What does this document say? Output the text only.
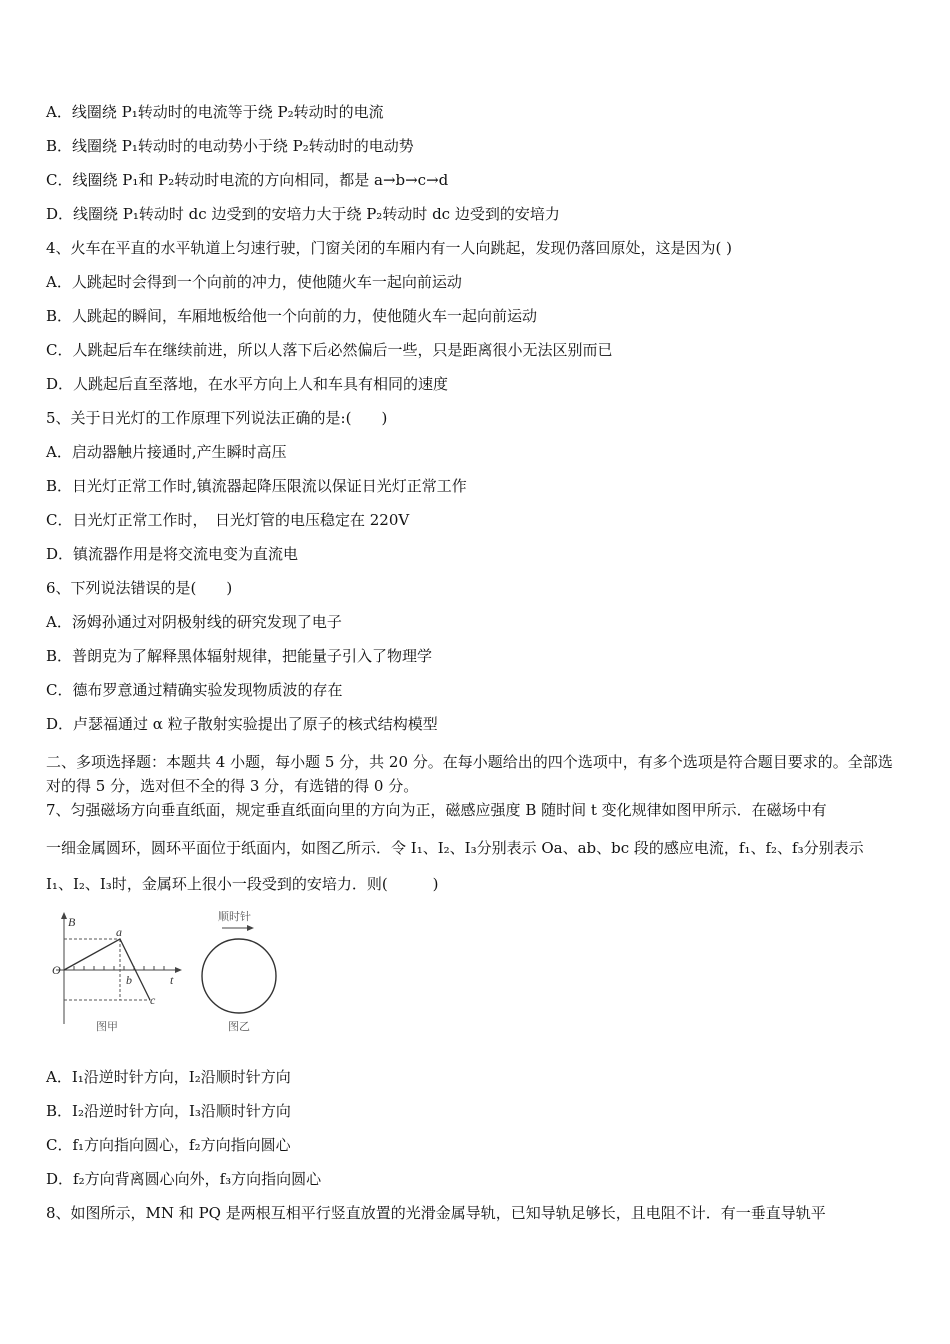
A．线圈绕 P₁转动时的电流等于绕 P₂转动时的电流
B．线圈绕 P₁转动时的电动势小于绕 P₂转动时的电动势
C．线圈绕 P₁和 P₂转动时电流的方向相同，都是 a→b→c→d
D．线圈绕 P₁转动时 dc 边受到的安培力大于绕 P₂转动时 dc 边受到的安培力
4、火车在平直的水平轨道上匀速行驶，门窗关闭的车厢内有一人向跳起，发现仍落回原处，这是因为( )
A．人跳起时会得到一个向前的冲力，使他随火车一起向前运动
B．人跳起的瞬间，车厢地板给他一个向前的力，使他随火车一起向前运动
C．人跳起后车在继续前进，所以人落下后必然偏后一些，只是距离很小无法区别而已
D．人跳起后直至落地，在水平方向上人和车具有相同的速度
5、关于日光灯的工作原理下列说法正确的是:(　　)
A．启动器触片接通时,产生瞬时高压
B．日光灯正常工作时,镇流器起降压限流以保证日光灯正常工作
C．日光灯正常工作时，　日光灯管的电压稳定在 220V
D．镇流器作用是将交流电变为直流电
6、下列说法错误的是(　　)
A．汤姆孙通过对阴极射线的研究发现了电子
B．普朗克为了解释黑体辐射规律，把能量子引入了物理学
C．德布罗意通过精确实验发现物质波的存在
D．卢瑟福通过 α 粒子散射实验提出了原子的核式结构模型
二、多项选择题：本题共 4 小题，每小题 5 分，共 20 分。在每小题给出的四个选项中，有多个选项是符合题目要求的。全部选对的得 5 分，选对但不全的得 3 分，有选错的得 0 分。
7、匀强磁场方向垂直纸面，规定垂直纸面向里的方向为正，磁感应强度 B 随时间 t 变化规律如图甲所示．在磁场中有
一细金属圆环，圆环平面位于纸面内，如图乙所示．令 I₁、I₂、I₃分别表示 Oa、ab、bc 段的感应电流，f₁、f₂、f₃分别表示
I₁、I₂、I₃时，金属环上很小一段受到的安培力．则(　　　)
B
t
O
a
b
c
图甲
顺时针
图乙
A．I₁沿逆时针方向，I₂沿顺时针方向
B．I₂沿逆时针方向，I₃沿顺时针方向
C．f₁方向指向圆心，f₂方向指向圆心
D．f₂方向背离圆心向外，f₃方向指向圆心
8、如图所示，MN 和 PQ 是两根互相平行竖直放置的光滑金属导轨，已知导轨足够长，且电阻不计．有一垂直导轨平
